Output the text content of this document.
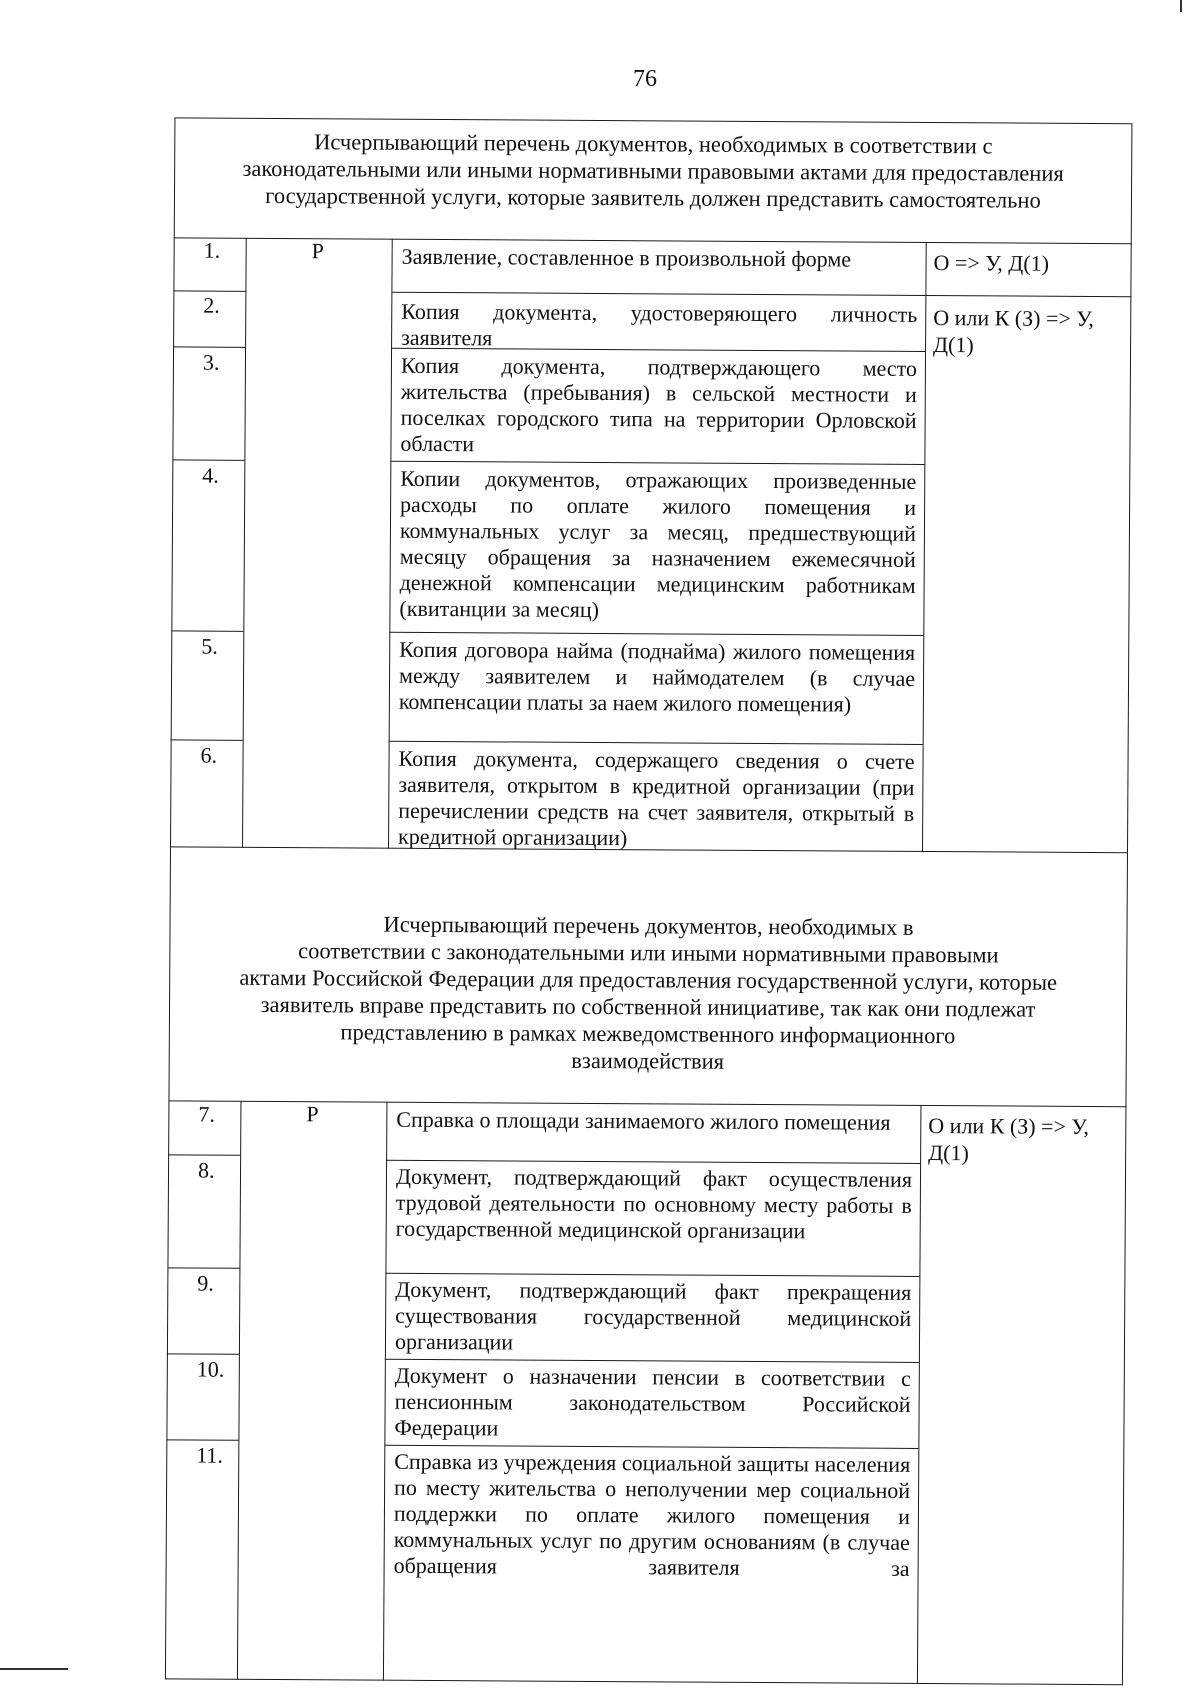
76
Исчерпывающий перечень документов, необходимых в соответствии с
законодательными или иными нормативными правовыми актами для предоставления
государственной услуги, которые заявитель должен представить самостоятельно
Р
1.
2.
3.
4.
5.
6.
Заявление, составленное в произвольной форме
Копия документа, удостоверяющего личность заявителя
Копия документа, подтверждающего место жительства (пребывания) в сельской местности и поселках городского типа на территории Орловской области
Копии документов, отражающих произведенные расходы по оплате жилого помещения и коммунальных услуг за месяц, предшествующий месяцу обращения за назначением ежемесячной денежной компенсации медицинским работникам (квитанции за месяц)
Копия договора найма (поднайма) жилого помещения между заявителем и наймодателем (в случае компенсации платы за наем жилого помещения)
Копия документа, содержащего сведения о счете заявителя, открытом в кредитной организации (при перечислении средств на счет заявителя, открытый в кредитной организации)
О => У, Д(1)
О или К (З) => У, Д(1)
Исчерпывающий перечень документов, необходимых в
соответствии с законодательными или иными нормативными правовыми
актами Российской Федерации для предоставления государственной услуги, которые
заявитель вправе представить по собственной инициативе, так как они подлежат
представлению в рамках межведомственного информационного
взаимодействия
Р
7.
8.
9.
10.
11.
Справка о площади занимаемого жилого помещения
Документ, подтверждающий факт осуществления трудовой деятельности по основному месту работы в государственной медицинской организации
Документ, подтверждающий факт прекращения существования государственной медицинской организации
Документ о назначении пенсии в соответствии с пенсионным законодательством Российской Федерации
Справка из учреждения социальной защиты населения по месту жительства о неполучении мер социальной поддержки по оплате жилого помещения и коммунальных услуг по другим основаниям (в случае обращения заявителя за
О или К (З) => У, Д(1)
